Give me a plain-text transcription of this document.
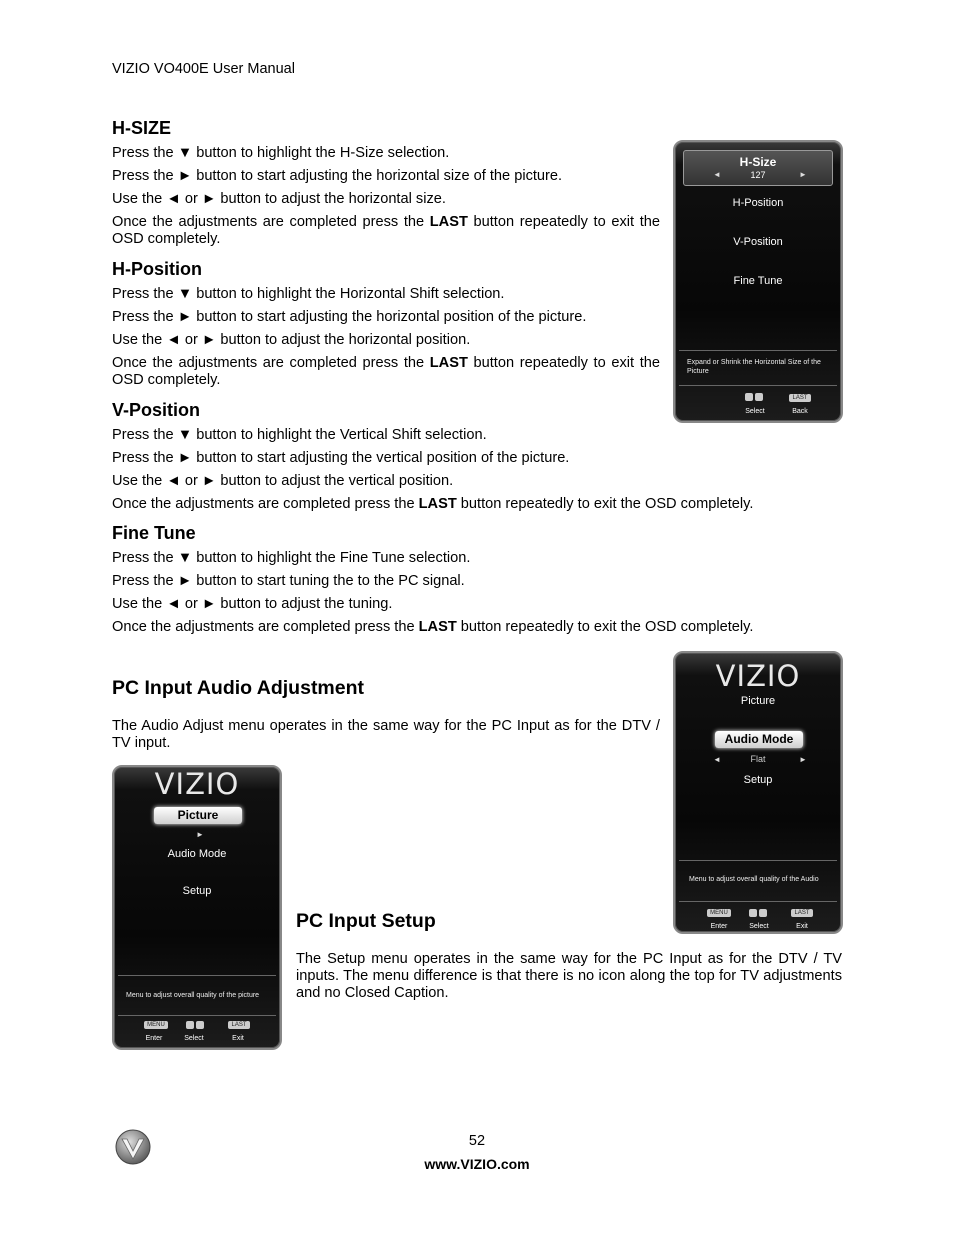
VIZIO VO400E User Manual
H-SIZE

Press the ▼ button to highlight the H-Size selection.

Press the ► button to start adjusting the horizontal size of the picture.

Use the ◄ or ► button to adjust the horizontal size.

Once the adjustments are completed press the LAST button repeatedly to exit the OSD completely.

H-Position

Press the ▼ button to highlight the Horizontal Shift selection.

Press the ► button to start adjusting the horizontal position of the picture.

Use the ◄ or ► button to adjust the horizontal position.

Once the adjustments are completed press the LAST button repeatedly to exit the OSD completely.

V-Position

Press the ▼ button to highlight the Vertical Shift selection.

Press the ► button to start adjusting the vertical position of the picture.

Use the ◄ or ► button to adjust the vertical position.

Once the adjustments are completed press the LAST button repeatedly to exit the OSD completely.

Fine Tune

Press the ▼ button to highlight the Fine Tune selection.

Press the ► button to start tuning the to the PC signal.

Use the ◄ or ► button to adjust the tuning.

Once the adjustments are completed press the LAST button repeatedly to exit the OSD completely.

PC Input Audio Adjustment

The Audio Adjust menu operates in the same way for the PC Input as for the DTV / TV input.

PC Input Setup

The Setup menu operates in the same way for the PC Input as for the DTV / TV inputs. The menu difference is that there is no icon along the top for TV adjustments and no Closed Caption.

H-Size
127
◄	►
H-Position
V-Position
Fine Tune
Expand or Shrink the Horizontal Size of the Picture
LAST
Select	Back
VIZIO
Picture
Audio Mode
◄	Flat	►
Setup
Menu to adjust overall quality of the Audio
MENU	LAST
Enter	Select	Exit
VIZIO
Picture
►
Audio Mode
Setup
Menu to adjust overall quality of the picture
MENU	LAST
Enter	Select	Exit
52
www.VIZIO.com
